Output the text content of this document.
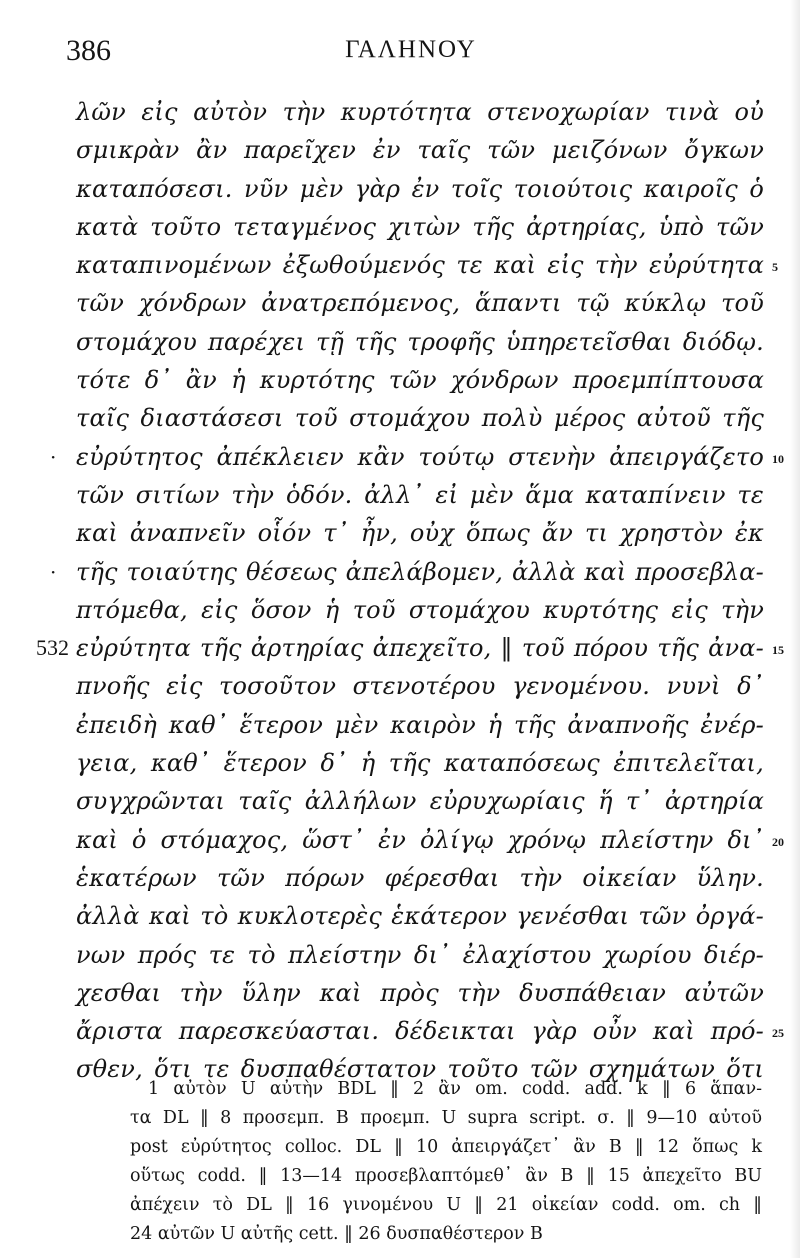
386	ΓΑΛΗΝΟΥ
λῶν εἰς αὐτὸν τὴν κυρτότητα στενοχωρίαν τινὰ οὐ
σμικρὰν ἂν παρεῖχεν ἐν ταῖς τῶν μειζόνων ὄγκων
καταπόσεσι. νῦν μὲν γὰρ ἐν τοῖς τοιούτοις καιροῖς ὁ
κατὰ τοῦτο τεταγμένος χιτὼν τῆς ἀρτηρίας, ὑπὸ τῶν
καταπινομένων ἐξωθούμενός τε καὶ εἰς τὴν εὐρύτητα 5
τῶν χόνδρων ἀνατρεπόμενος, ἅπαντι τῷ κύκλῳ τοῦ
στομάχου παρέχει τῇ τῆς τροφῆς ὑπηρετεῖσθαι διόδῳ.
τότε δ᾽ ἂν ἡ κυρτότης τῶν χόνδρων προεμπίπτουσα
ταῖς διαστάσεσι τοῦ στομάχου πολὺ μέρος αὐτοῦ τῆς
εὐρύτητος ἀπέκλειεν κἂν τούτῳ στενὴν ἀπειργάζετο
·	10
τῶν σιτίων τὴν ὁδόν. ἀλλ᾽ εἰ μὲν ἅμα καταπίνειν τε
καὶ ἀναπνεῖν οἷόν τ᾽ ἦν, οὐχ ὅπως ἄν τι χρηστὸν ἐκ
τῆς τοιαύτης θέσεως ἀπελάβομεν, ἀλλὰ καὶ προσεβλα-
·
πτόμεθα, εἰς ὅσον ἡ τοῦ στομάχου κυρτότης εἰς τὴν
εὐρύτητα τῆς ἀρτηρίας ἀπεχεῖτο, ‖ τοῦ πόρου τῆς ἀνα-
532	15
πνοῆς εἰς τοσοῦτον στενοτέρου γενομένου. νυνὶ δ᾽
ἐπειδὴ καθ᾽ ἕτερον μὲν καιρὸν ἡ τῆς ἀναπνοῆς ἐνέρ-
γεια, καθ᾽ ἕτερον δ᾽ ἡ τῆς καταπόσεως ἐπιτελεῖται,
συγχρῶνται ταῖς ἀλλήλων εὐρυχωρίαις ἥ τ᾽ ἀρτηρία
καὶ ὁ στόμαχος, ὥστ᾽ ἐν ὀλίγῳ χρόνῳ πλείστην δι᾽ 20
ἑκατέρων τῶν πόρων φέρεσθαι τὴν οἰκείαν ὕλην.
ἀλλὰ καὶ τὸ κυκλοτερὲς ἑκάτερον γενέσθαι τῶν ὀργά-
νων πρός τε τὸ πλείστην δι᾽ ἐλαχίστου χωρίου διέρ-
χεσθαι τὴν ὕλην καὶ πρὸς τὴν δυσπάθειαν αὐτῶν
ἄριστα παρεσκεύασται. δέδεικται γὰρ οὖν καὶ πρό- 25
σθεν, ὅτι τε δυσπαθέστατον τοῦτο τῶν σχημάτων ὅτι
1 αὐτὸν U αὐτὴν BDL ‖ 2 ἂν om. codd. add. k ‖ 6 ἅπαν-
τα DL ‖ 8 προσεμπ. B προεμπ. U supra script. σ. ‖ 9—10 αὐτοῦ
post εὐρύτητος colloc. DL ‖ 10 ἀπειργάζετ᾽ ἂν B ‖ 12 ὅπως k
οὕτως codd. ‖ 13—14 προσεβλαπτόμεθ᾽ ἂν B ‖ 15 ἀπεχεῖτο BU
ἀπέχειν τὸ DL ‖ 16 γινομένου U ‖ 21 οἰκείαν codd. om. ch ‖
24 αὐτῶν U αὐτῆς cett. ‖ 26 δυσπαθέστερον B
